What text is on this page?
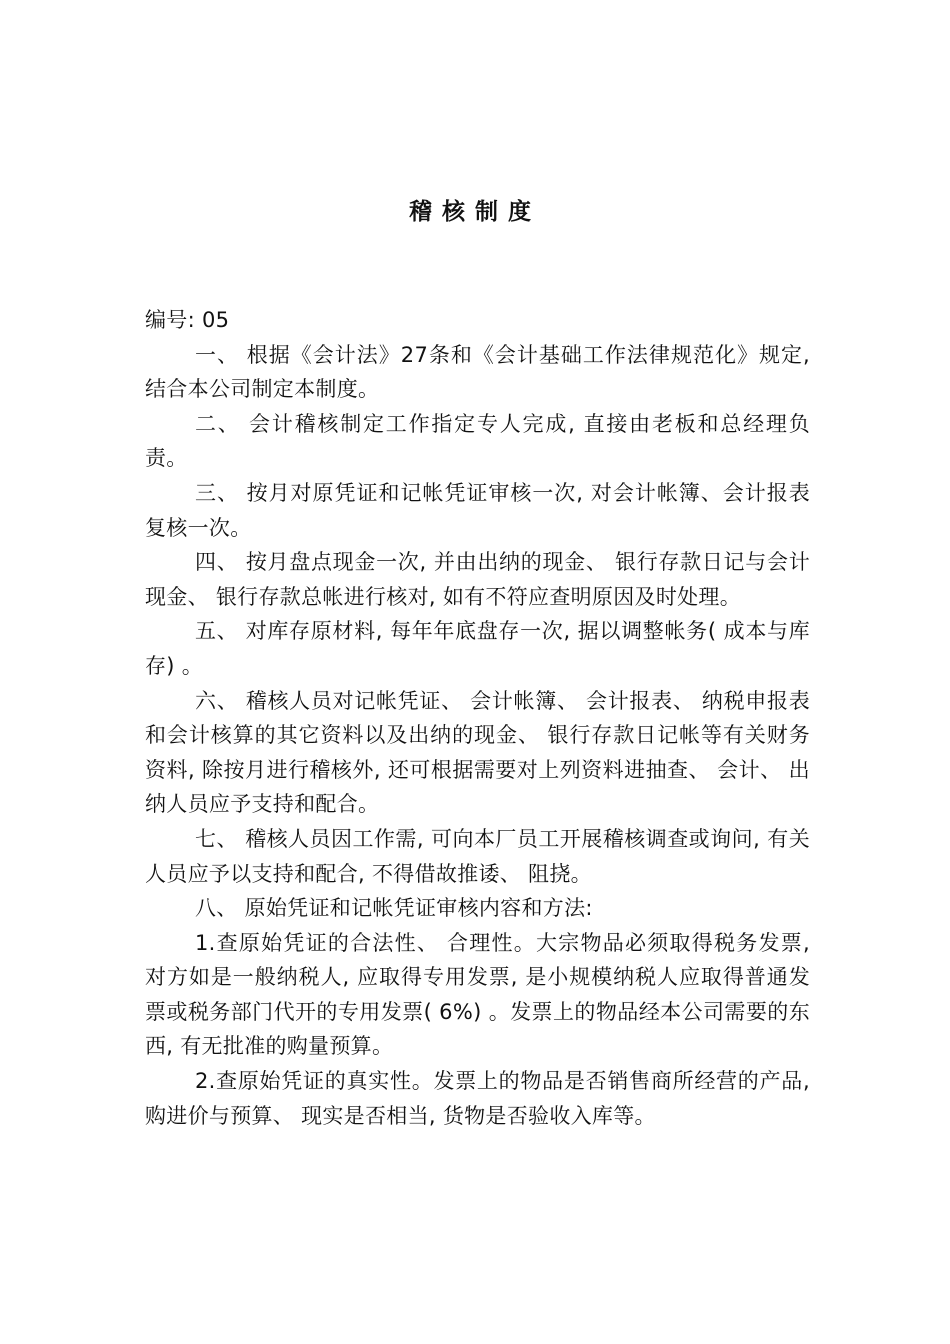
稽核制度

编号: 05

一、 根据《会计法》27条和《会计基础工作法律规范化》规定, 结合本公司制定本制度。

二、 会计稽核制定工作指定专人完成, 直接由老板和总经理负责。

三、 按月对原凭证和记帐凭证审核一次, 对会计帐簿、会计报表复核一次。

四、 按月盘点现金一次, 并由出纳的现金、 银行存款日记与会计现金、 银行存款总帐进行核对, 如有不符应查明原因及时处理。

五、 对库存原材料, 每年年底盘存一次, 据以调整帐务( 成本与库存) 。

六、 稽核人员对记帐凭证、 会计帐簿、 会计报表、 纳税申报表和会计核算的其它资料以及出纳的现金、 银行存款日记帐等有关财务资料, 除按月进行稽核外, 还可根据需要对上列资料进抽查、 会计、 出纳人员应予支持和配合。

七、 稽核人员因工作需, 可向本厂员工开展稽核调查或询问, 有关人员应予以支持和配合, 不得借故推诿、 阻挠。

八、 原始凭证和记帐凭证审核内容和方法:

1.查原始凭证的合法性、 合理性。大宗物品必须取得税务发票, 对方如是一般纳税人, 应取得专用发票, 是小规模纳税人应取得普通发票或税务部门代开的专用发票( 6%) 。发票上的物品经本公司需要的东西, 有无批准的购量预算。

2.查原始凭证的真实性。发票上的物品是否销售商所经营的产品, 购进价与预算、 现实是否相当, 货物是否验收入库等。
